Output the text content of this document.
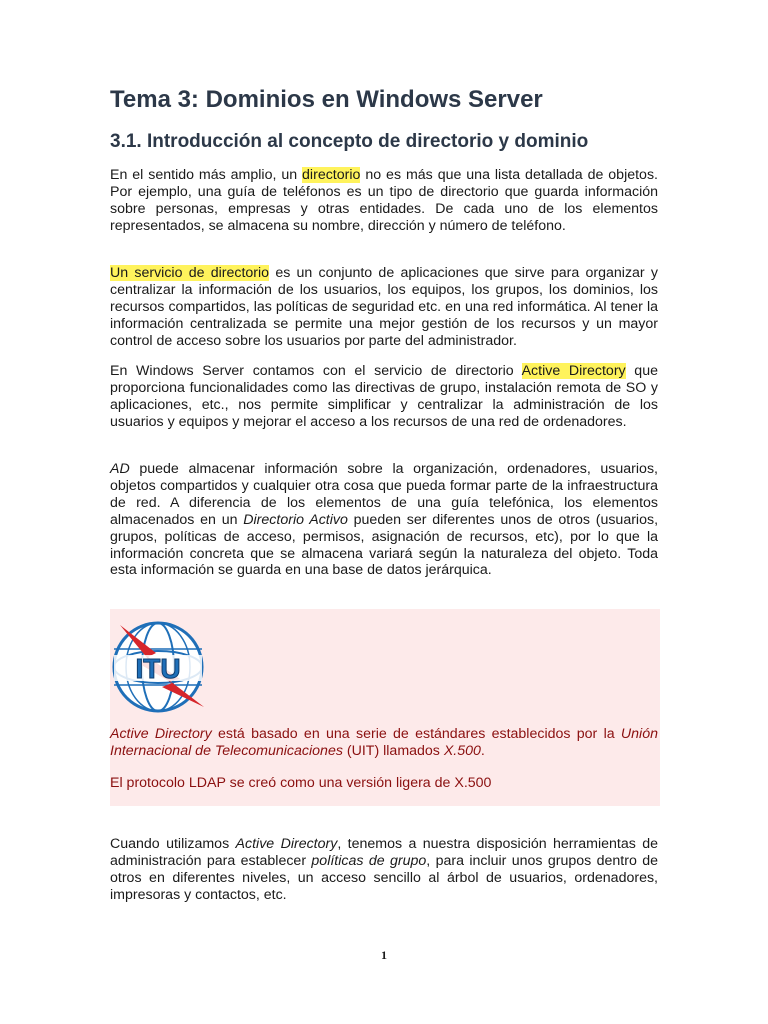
Tema 3: Dominios en Windows Server
3.1. Introducción al concepto de directorio y dominio

En el sentido más amplio, un directorio no es más que una lista detallada de objetos. Por ejemplo, una guía de teléfonos es un tipo de directorio que guarda información sobre personas, empresas y otras entidades. De cada uno de los elementos representados, se almacena su nombre, dirección y número de teléfono.

Un servicio de directorio es un conjunto de aplicaciones que sirve para organizar y centralizar la información de los usuarios, los equipos, los grupos, los dominios, los recursos compartidos, las políticas de seguridad etc. en una red informática. Al tener la información centralizada se permite una mejor gestión de los recursos y un mayor control de acceso sobre los usuarios por parte del administrador.

En Windows Server contamos con el servicio de directorio Active Directory que proporciona funcionalidades como las directivas de grupo, instalación remota de SO y aplicaciones, etc., nos permite simplificar y centralizar la administración de los usuarios y equipos y mejorar el acceso a los recursos de una red de ordenadores.

AD puede almacenar información sobre la organización, ordenadores, usuarios, objetos compartidos y cualquier otra cosa que pueda formar parte de la infraestructura de red. A diferencia de los elementos de una guía telefónica, los elementos almacenados en un Directorio Activo pueden ser diferentes unos de otros (usuarios, grupos, políticas de acceso, permisos, asignación de recursos, etc), por lo que la información concreta que se almacena variará según la naturaleza del objeto. Toda esta información se guarda en una base de datos jerárquica.

ITU

Active Directory está basado en una serie de estándares establecidos por la Unión Internacional de Telecomunicaciones (UIT) llamados X.500.

El protocolo LDAP se creó como una versión ligera de X.500

Cuando utilizamos Active Directory, tenemos a nuestra disposición herramientas de administración para establecer políticas de grupo, para incluir unos grupos dentro de otros en diferentes niveles, un acceso sencillo al árbol de usuarios, ordenadores, impresoras y contactos, etc.

1
